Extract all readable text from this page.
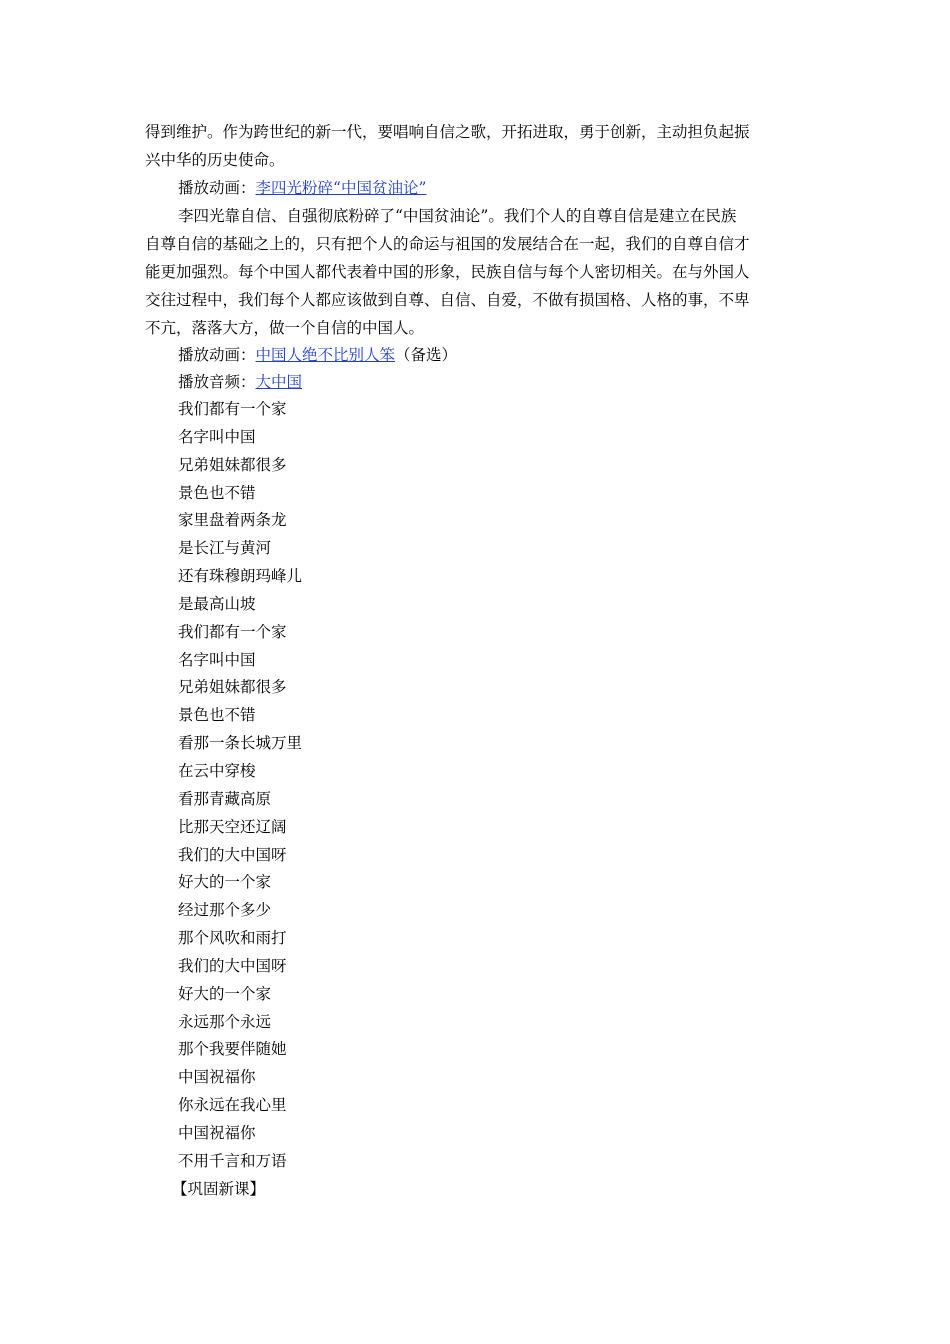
得到维护。作为跨世纪的新一代，要唱响自信之歌，开拓进取，勇于创新，主动担负起振
兴中华的历史使命。

播放动画：李四光粉碎“中国贫油论”

李四光靠自信、自强彻底粉碎了“中国贫油论”。我们个人的自尊自信是建立在民族
自尊自信的基础之上的，只有把个人的命运与祖国的发展结合在一起，我们的自尊自信才
能更加强烈。每个中国人都代表着中国的形象，民族自信与每个人密切相关。在与外国人
交往过程中，我们每个人都应该做到自尊、自信、自爱，不做有损国格、人格的事，不卑
不亢，落落大方，做一个自信的中国人。

播放动画：中国人绝不比别人笨（备选）

播放音频：大中国

我们都有一个家
名字叫中国
兄弟姐妹都很多
景色也不错
家里盘着两条龙
是长江与黄河
还有珠穆朗玛峰儿
是最高山坡
我们都有一个家
名字叫中国
兄弟姐妹都很多
景色也不错
看那一条长城万里
在云中穿梭
看那青藏高原
比那天空还辽阔
我们的大中国呀
好大的一个家
经过那个多少
那个风吹和雨打
我们的大中国呀
好大的一个家
永远那个永远
那个我要伴随她
中国祝福你
你永远在我心里
中国祝福你
不用千言和万语

【巩固新课】
